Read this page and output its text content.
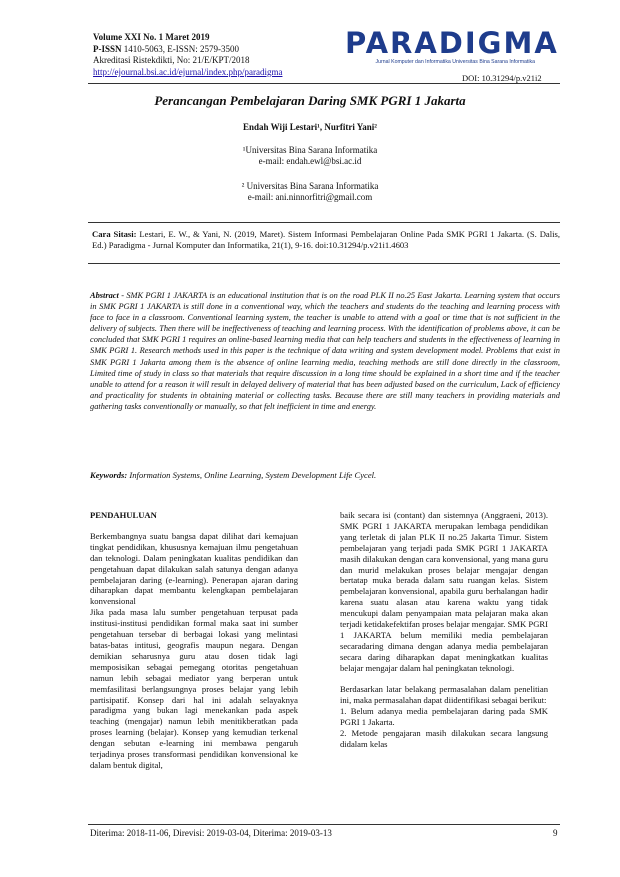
Volume XXI No. 1 Maret 2019
P-ISSN 1410-5063, E-ISSN: 2579-3500
Akreditasi Ristekdikti, No: 21/E/KPT/2018
http://ejournal.bsi.ac.id/ejurnal/index.php/paradigma
PARADIGMA
Jurnal Komputer dan Informatika Universitas Bina Sarana Informatika
DOI: 10.31294/p.v21i2
Perancangan Pembelajaran Daring SMK PGRI 1 Jakarta
Endah Wiji Lestari¹, Nurfitri Yani²
¹Universitas Bina Sarana Informatika
e-mail: endah.ewl@bsi.ac.id
² Universitas Bina Sarana Informatika
e-mail: ani.ninnorfitri@gmail.com
Cara Sitasi: Lestari, E. W., & Yani, N. (2019, Maret). Sistem Informasi Pembelajaran Online Pada SMK PGRI 1 Jakarta. (S. Dalis, Ed.) Paradigma - Jurnal Komputer dan Informatika, 21(1), 9-16. doi:10.31294/p.v21i1.4603
Abstract - SMK PGRI 1 JAKARTA is an educational institution that is on the road PLK II no.25 East Jakarta. Learning system that occurs in SMK PGRI 1 JAKARTA is still done in a conventional way, which the teachers and students do the teaching and learning process with face to face in a classroom. Conventional learning system, the teacher is unable to attend with a goal or time that is not sufficient in the delivery of subjects. Then there will be ineffectiveness of teaching and learning process. With the identification of problems above, it can be concluded that SMK PGRI 1 requires an online-based learning media that can help teachers and students in the effectiveness of learning in SMK PGRI 1. Research methods used in this paper is the technique of data writing and system development model. Problems that exist in SMK PGRI 1 Jakarta among them is the absence of online learning media, teaching methods are still done directly in the classroom, Limited time of study in class so that materials that require discussion in a long time should be explained in a short time and if the teacher unable to attend for a reason it will result in delayed delivery of material that has been adjusted based on the curriculum, Lack of efficiency and practicality for students in obtaining material or collecting tasks. Because there are still many teachers in providing materials and gathering tasks conventionally or manually, so that felt inefficient in time and energy.
Keywords: Information Systems, Online Learning, System Development Life Cycel.

PENDAHULUAN

Berkembangnya suatu bangsa dapat dilihat dari kemajuan tingkat pendidikan, khususnya kemajuan ilmu pengetahuan dan teknologi. Dalam peningkatan kualitas pendidikan dan pengetahuan dapat dilakukan salah satunya dengan adanya pembelajaran daring (e-learning). Penerapan ajaran daring diharapkan dapat membantu kelengkapan pembelajaran konvensional

Jika pada masa lalu sumber pengetahuan terpusat pada institusi-institusi pendidikan formal maka saat ini sumber pengetahuan tersebar di berbagai lokasi yang melintasi batas-batas intitusi, geografis maupun negara. Dengan demikian seharusnya guru atau dosen tidak lagi memposisikan sebagai pemegang otoritas pengetahuan namun lebih sebagai mediator yang berperan untuk memfasilitasi berlangsungnya proses belajar yang lebih partisipatif. Konsep dari hal ini adalah selayaknya paradigma yang bukan lagi menekankan pada aspek teaching (mengajar) namun lebih menitikberatkan pada proses learning (belajar). Konsep yang kemudian terkenal dengan sebutan e-learning ini membawa pengaruh terjadinya proses transformasi pendidikan konvensional ke dalam bentuk digital,

baik secara isi (contant) dan sistemnya (Anggraeni, 2013). SMK PGRI 1 JAKARTA merupakan lembaga pendidikan yang terletak di jalan PLK II no.25 Jakarta Timur. Sistem pembelajaran yang terjadi pada SMK PGRI 1 JAKARTA masih dilakukan dengan cara konvensional, yang mana guru dan murid melakukan proses belajar mengajar dengan bertatap muka berada dalam satu ruangan kelas. Sistem pembelajaran konvensional, apabila guru berhalangan hadir karena suatu alasan atau karena waktu yang tidak mencukupi dalam penyampaian mata pelajaran maka akan terjadi ketidakefektifan proses belajar mengajar. SMK PGRI 1 JAKARTA belum memiliki media pembelajaran secaradaring dimana dengan adanya media pembelajaran secara daring diharapkan dapat meningkatkan kualitas belajar mengajar dalam hal peningkatan teknologi.

Berdasarkan latar belakang permasalahan dalam penelitian ini, maka permasalahan dapat diidentifikasi sebagai berikut:

1. Belum adanya media pembelajaran daring pada SMK PGRI 1 Jakarta.

2. Metode pengajaran masih dilakukan secara langsung didalam kelas

Diterima: 2018-11-06, Direvisi: 2019-03-04, Diterima: 2019-03-13	9
